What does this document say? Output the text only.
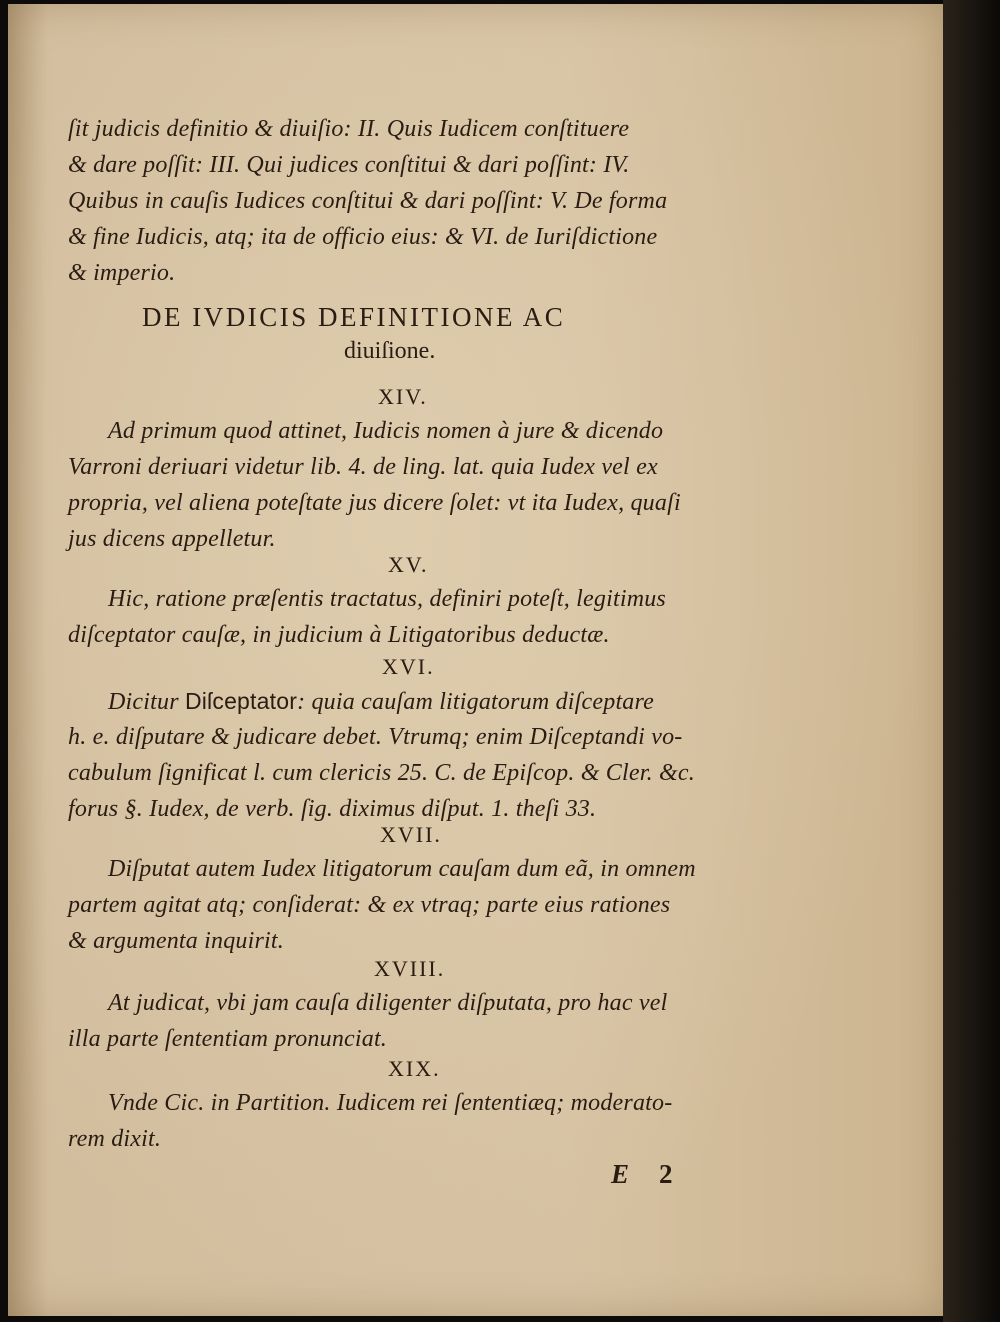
ſit judicis definitio & diuiſio: II. Quis Iudicem conſtituere
& dare poſſit: III. Qui judices conſtitui & dari poſſint: IV.
Quibus in cauſis Iudices conſtitui & dari poſſint: V. De forma
& fine Iudicis, atq; ita de officio eius: & VI. de Iuriſdictione
& imperio.
DE IVDICIS DEFINITIONE AC
diuiſione.
XIV.
Ad primum quod attinet, Iudicis nomen à jure & dicendo
Varroni deriuari videtur lib. 4. de ling. lat. quia Iudex vel ex
propria, vel aliena poteſtate jus dicere ſolet: vt ita Iudex, quaſi
jus dicens appelletur.
XV.
Hic, ratione præſentis tractatus, definiri poteſt, legitimus
diſceptator cauſæ, in judicium à Litigatoribus deductæ.
XVI.
Dicitur Diſceptator: quia cauſam litigatorum diſceptare
h. e. diſputare & judicare debet. Vtrumq; enim Diſceptandi vo-
cabulum ſignificat l. cum clericis 25. C. de Epiſcop. & Cler. &c.
forus §. Iudex, de verb. ſig. diximus diſput. 1. theſi 33.
XVII.
Diſputat autem Iudex litigatorum cauſam dum eã, in omnem
partem agitat atq; conſiderat: & ex vtraq; parte eius rationes
& argumenta inquirit.
XVIII.
At judicat, vbi jam cauſa diligenter diſputata, pro hac vel
illa parte ſententiam pronunciat.
XIX.
Vnde Cic. in Partition. Iudicem rei ſententiæq; moderato-
rem dixit.
E 2
